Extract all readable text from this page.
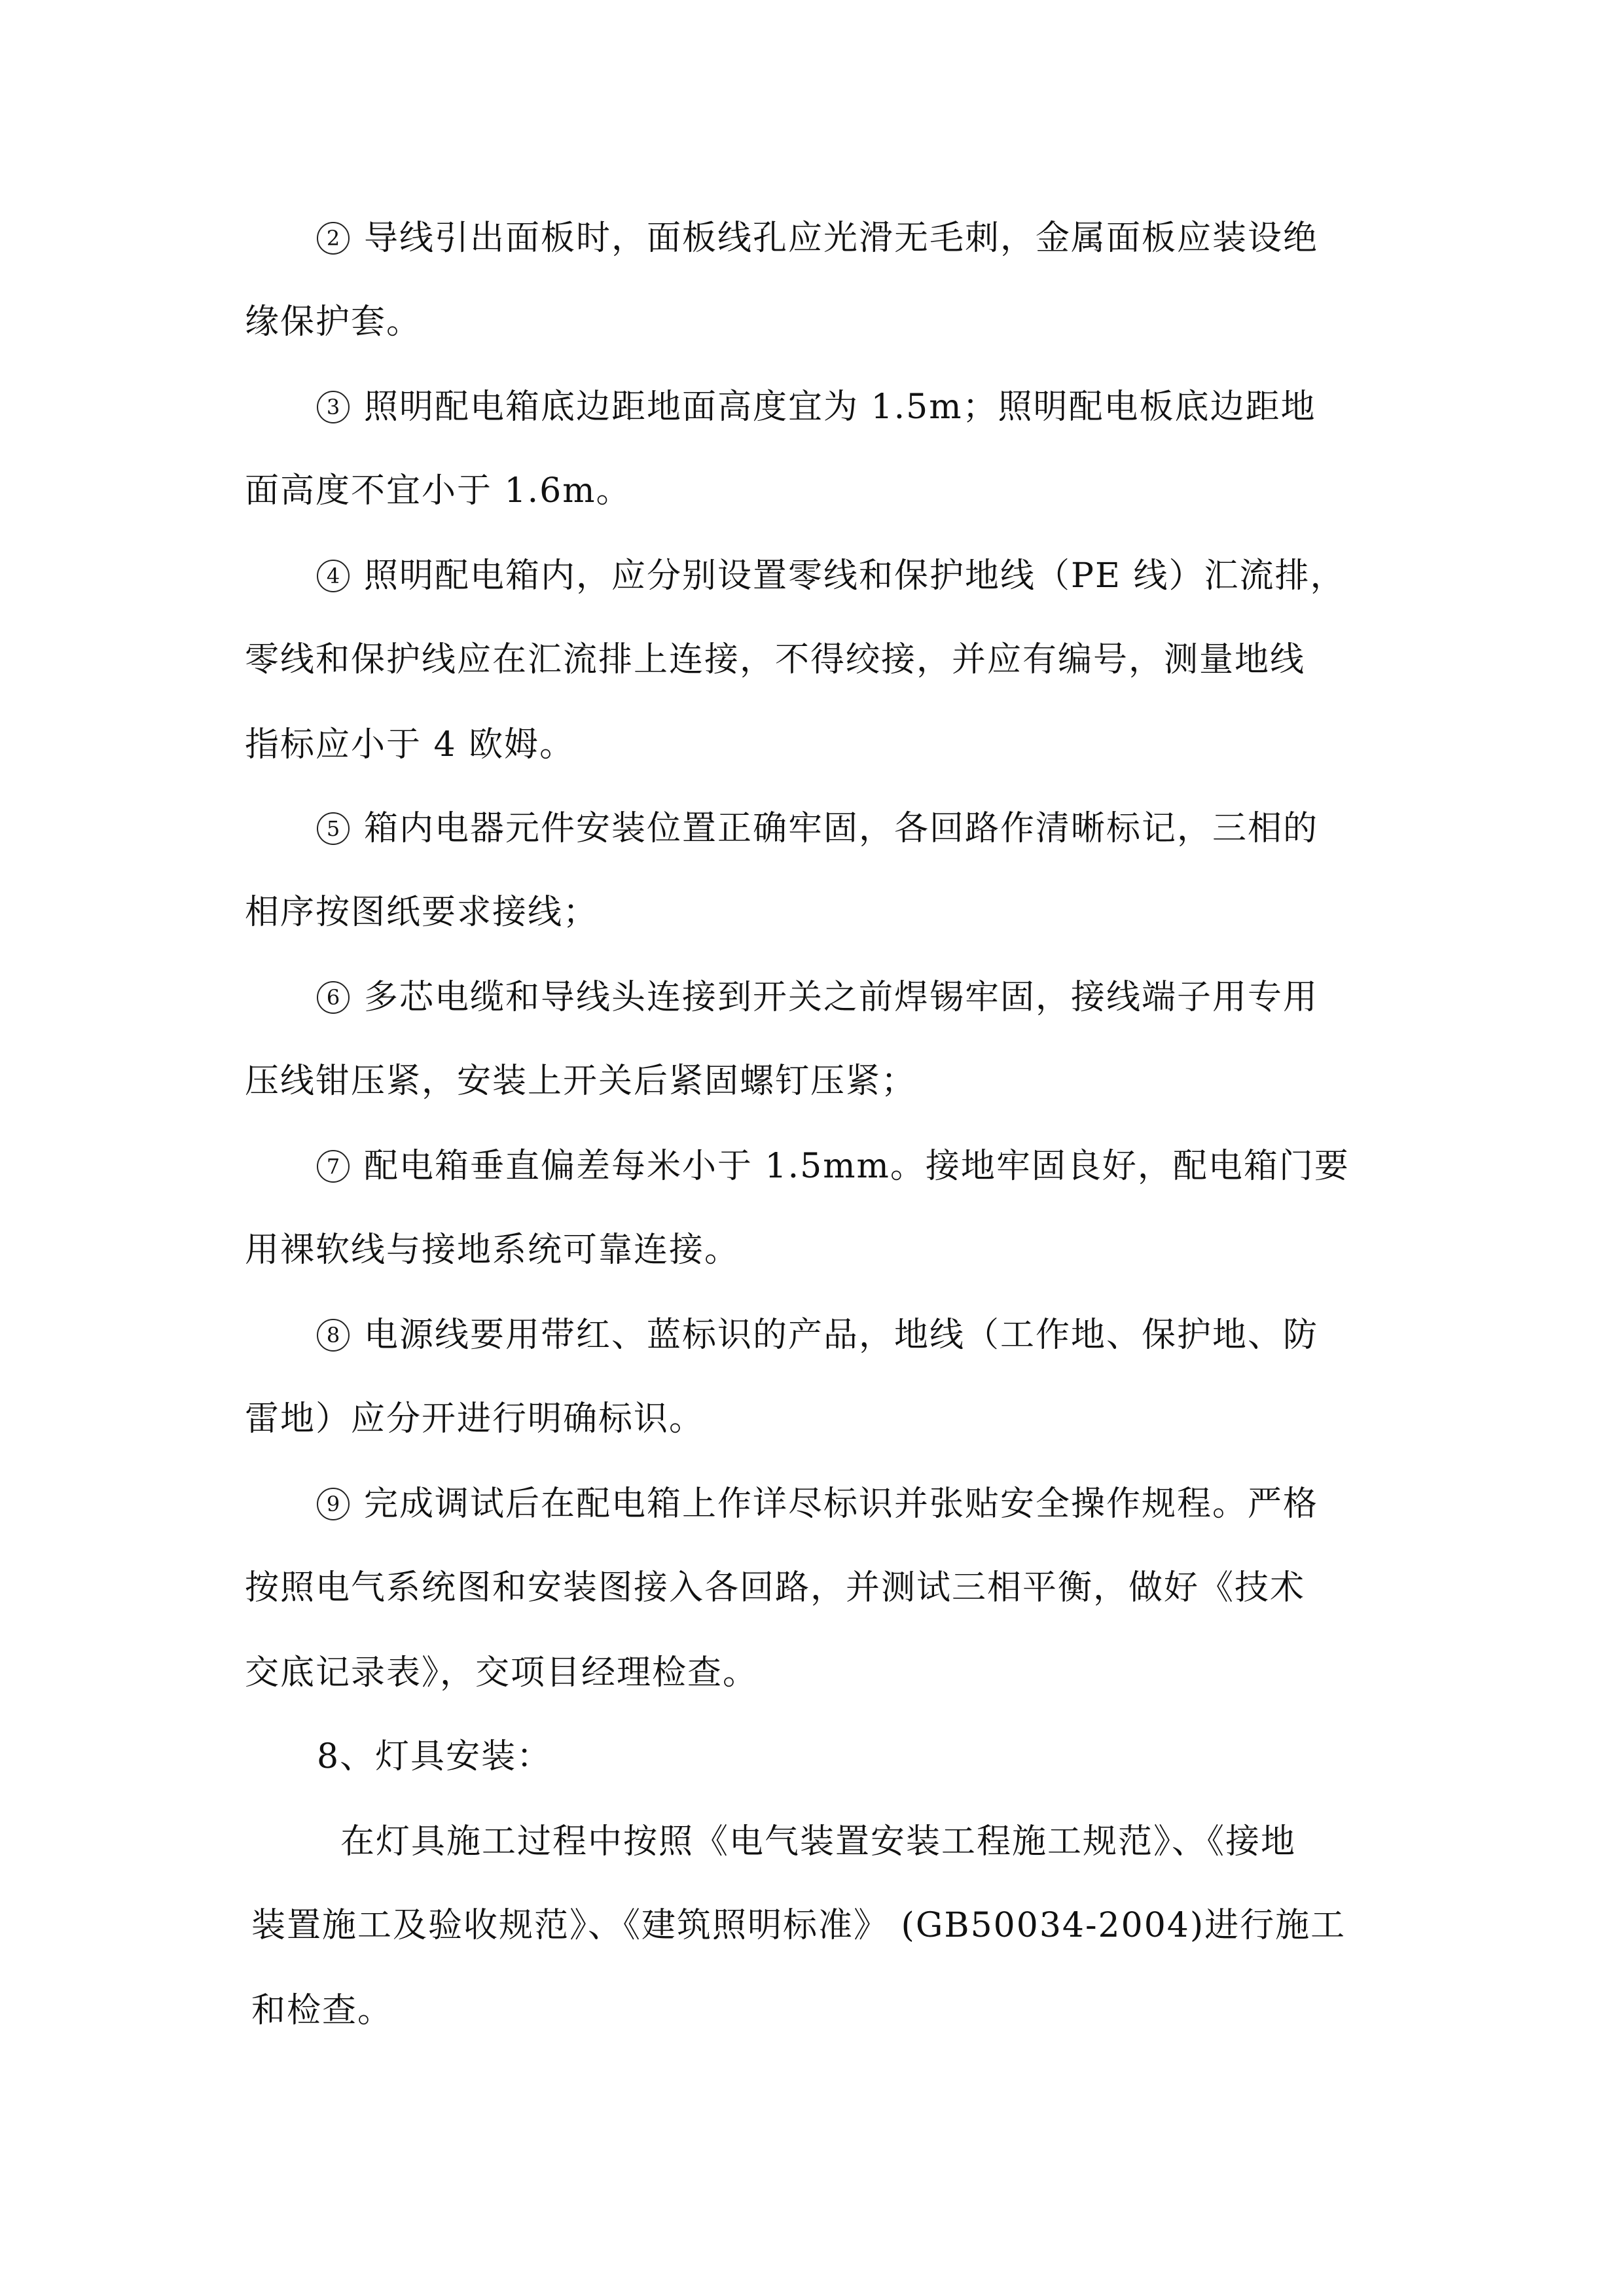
2 导线引出面板时，面板线孔应光滑无毛刺，金属面板应装设绝
缘保护套。
3 照明配电箱底边距地面高度宜为 1.5m；照明配电板底边距地
面高度不宜小于 1.6m。
4 照明配电箱内，应分别设置零线和保护地线（PE 线）汇流排，
零线和保护线应在汇流排上连接，不得绞接，并应有编号，测量地线
指标应小于 4 欧姆。
5 箱内电器元件安装位置正确牢固，各回路作清晰标记，三相的
相序按图纸要求接线；
6 多芯电缆和导线头连接到开关之前焊锡牢固，接线端子用专用
压线钳压紧，安装上开关后紧固螺钉压紧；
7 配电箱垂直偏差每米小于 1.5mm。接地牢固良好，配电箱门要
用裸软线与接地系统可靠连接。
8 电源线要用带红、蓝标识的产品，地线（工作地、保护地、防
雷地）应分开进行明确标识。
9 完成调试后在配电箱上作详尽标识并张贴安全操作规程。严格
按照电气系统图和安装图接入各回路，并测试三相平衡，做好《技术
交底记录表》，交项目经理检查。
8、灯具安装：
在灯具施工过程中按照《电气装置安装工程施工规范》、《接地
装置施工及验收规范》、《建筑照明标准》 (GB50034-2004)进行施工
和检查。
